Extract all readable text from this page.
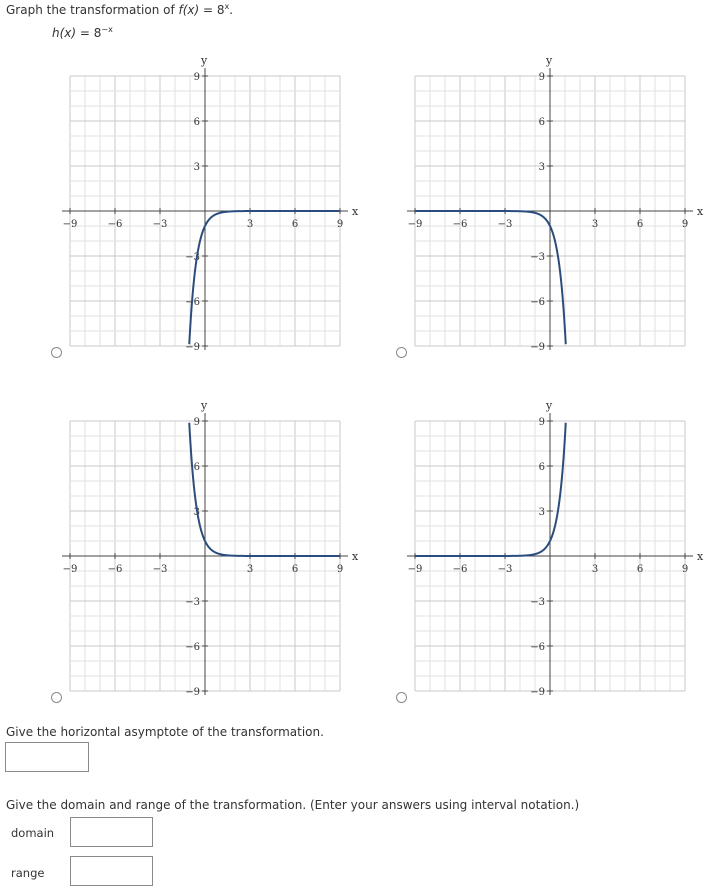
Graph the transformation of $f(x) = 8^x$.
$h(x) = 8^{-x}$
x
y
−9
−9
−6
−6
−3
−3
3
3
6
6
9
9
x
y
−9
−9
−6
−6
−3
−3
3
3
6
6
9
9
x
y
−9
−9
−6
−6
−3
−3
3
3
6
6
9
9
x
y
−9
−9
−6
−6
−3
−3
3
3
6
6
9
9
Give the horizontal asymptote of the transformation.
Give the domain and range of the transformation. (Enter your answers using interval notation.)
domain
range
